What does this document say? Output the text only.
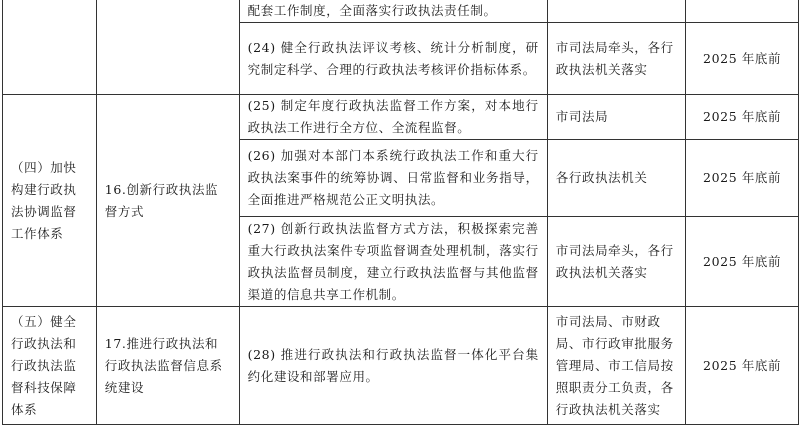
		配套工作制度，全面落实行政执法责任制。		
		(24) 健全行政执法评议考核、统计分析制度，研究制定科学、合理的行政执法考核评价指标体系。	市司法局牵头，各行政执法机关落实	2025 年底前
（四）加快构建行政执法协调监督工作体系	16.创新行政执法监督方式	(25) 制定年度行政执法监督工作方案，对本地行政执法工作进行全方位、全流程监督。	市司法局	2025 年底前
		(26) 加强对本部门本系统行政执法工作和重大行政执法案事件的统筹协调、日常监督和业务指导，全面推进严格规范公正文明执法。	各行政执法机关	2025 年底前
		(27) 创新行政执法监督方式方法，积极探索完善重大行政执法案件专项监督调查处理机制，落实行政执法监督员制度，建立行政执法监督与其他监督渠道的信息共享工作机制。	市司法局牵头，各行政执法机关落实	2025 年底前
（五）健全行政执法和行政执法监督科技保障体系	17.推进行政执法和行政执法监督信息系统建设	(28) 推进行政执法和行政执法监督一体化平台集约化建设和部署应用。	市司法局、市财政局、市行政审批服务管理局、市工信局按照职责分工负责，各行政执法机关落实	2025 年底前
